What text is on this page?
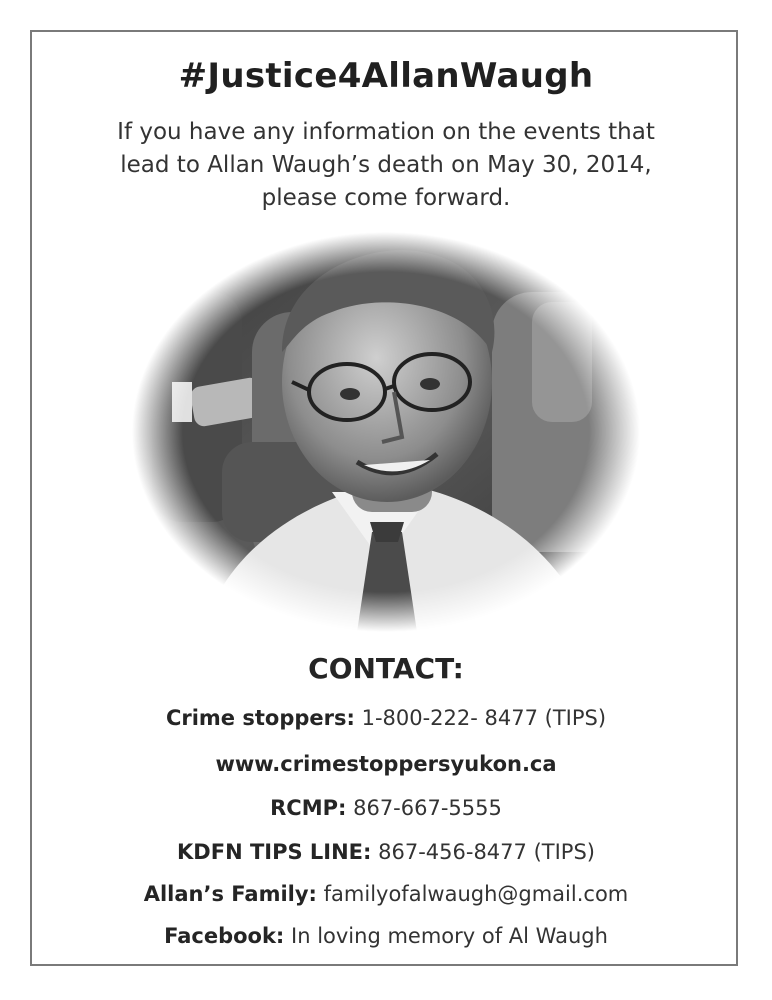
#Justice4AllanWaugh
If you have any information on the events that
lead to Allan Waugh’s death on May 30, 2014,
please come forward.
CONTACT:
Crime stoppers: 1-800-222- 8477 (TIPS)
www.crimestoppersyukon.ca
RCMP: 867-667-5555
KDFN TIPS LINE: 867-456-8477 (TIPS)
Allan’s Family: familyofalwaugh@gmail.com
Facebook: In loving memory of Al Waugh
